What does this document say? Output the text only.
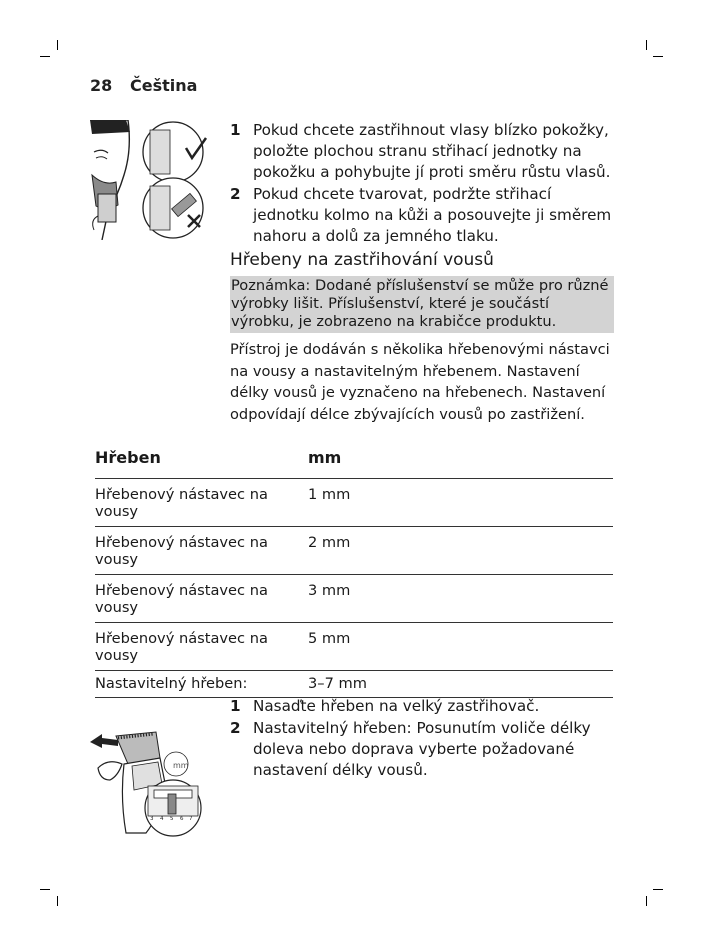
28 Čeština
1 Pokud chcete zastřihnout vlasy blízko pokožky, položte plochou stranu střihací jednotky na pokožku a pohybujte jí proti směru růstu vlasů.
2 Pokud chcete tvarovat, podržte střihací jednotku kolmo na kůži a posouvejte ji směrem nahoru a dolů za jemného tlaku.
Hřebeny na zastřihování vousů
Poznámka: Dodané příslušenství se může pro různé výrobky lišit. Příslušenství, které je součástí výrobku, je zobrazeno na krabičce produktu.
Přístroj je dodáván s několika hřebenovými nástavci na vousy a nastavitelným hřebenem. Nastavení délky vousů je vyznačeno na hřebenech. Nastavení odpovídají délce zbývajících vousů po zastřižení.
Hřeben	mm
Hřebenový nástavec na vousy	1 mm
Hřebenový nástavec na vousy	2 mm
Hřebenový nástavec na vousy	3 mm
Hřebenový nástavec na vousy	5 mm
Nastavitelný hřeben:	3–7 mm
mm
3 4 5 6 7
1 Nasaďte hřeben na velký zastřihovač.
2 Nastavitelný hřeben: Posunutím voliče délky doleva nebo doprava vyberte požadované nastavení délky vousů.
